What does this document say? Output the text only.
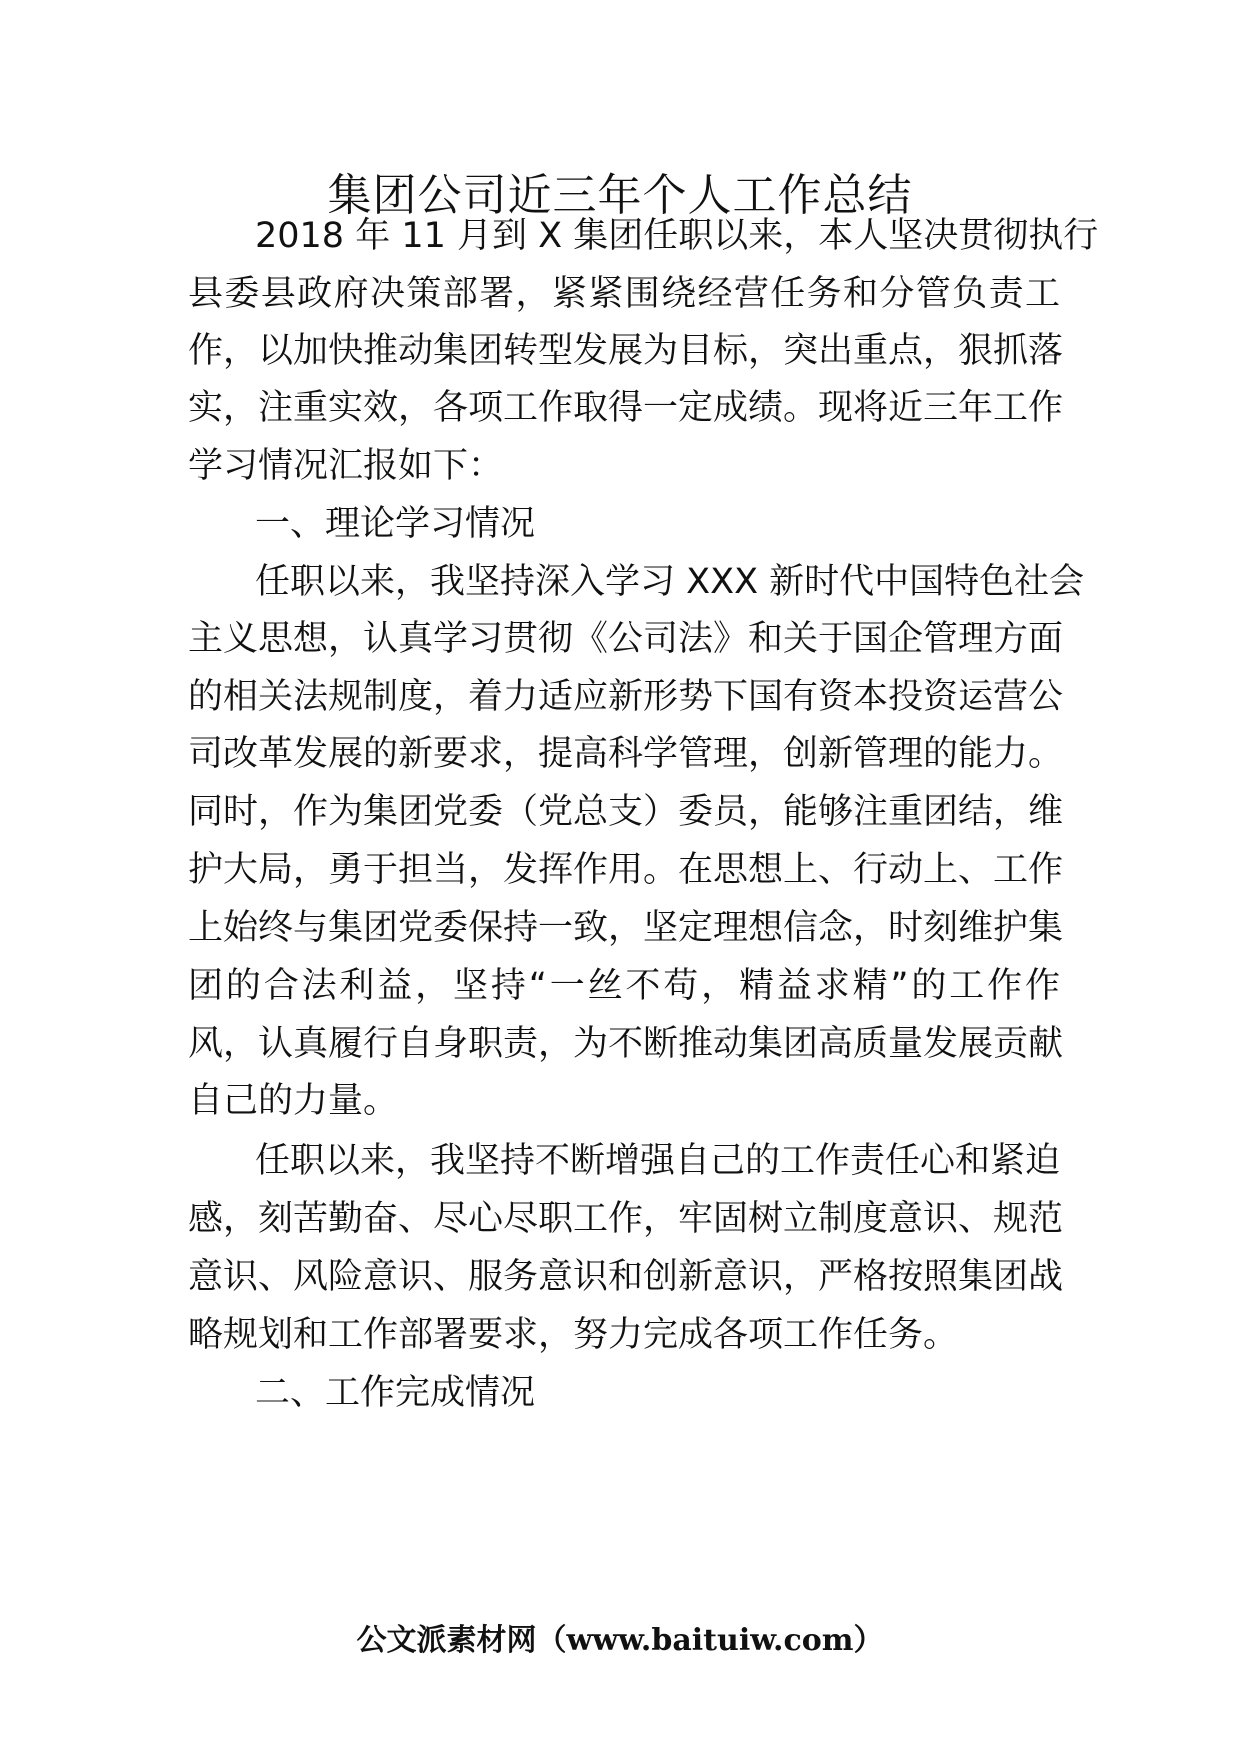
集团公司近三年个人工作总结

2018 年 11 月到 X 集团任职以来，本人坚决贯彻执行

县委县政府决策部署，紧紧围绕经营任务和分管负责工

作，以加快推动集团转型发展为目标，突出重点，狠抓落

实，注重实效，各项工作取得一定成绩。现将近三年工作

学习情况汇报如下：

一、理论学习情况

任职以来，我坚持深入学习 XXX 新时代中国特色社会

主义思想，认真学习贯彻《公司法》和关于国企管理方面

的相关法规制度，着力适应新形势下国有资本投资运营公

司改革发展的新要求，提高科学管理，创新管理的能力。

同时，作为集团党委（党总支）委员，能够注重团结，维

护大局，勇于担当，发挥作用。在思想上、行动上、工作

上始终与集团党委保持一致，坚定理想信念，时刻维护集

团的合法利益，坚持“一丝不苟，精益求精”的工作作

风，认真履行自身职责，为不断推动集团高质量发展贡献

自己的力量。

任职以来，我坚持不断增强自己的工作责任心和紧迫

感，刻苦勤奋、尽心尽职工作，牢固树立制度意识、规范

意识、风险意识、服务意识和创新意识，严格按照集团战

略规划和工作部署要求，努力完成各项工作任务。

二、工作完成情况

公文派素材网（www.baituiw.com）
